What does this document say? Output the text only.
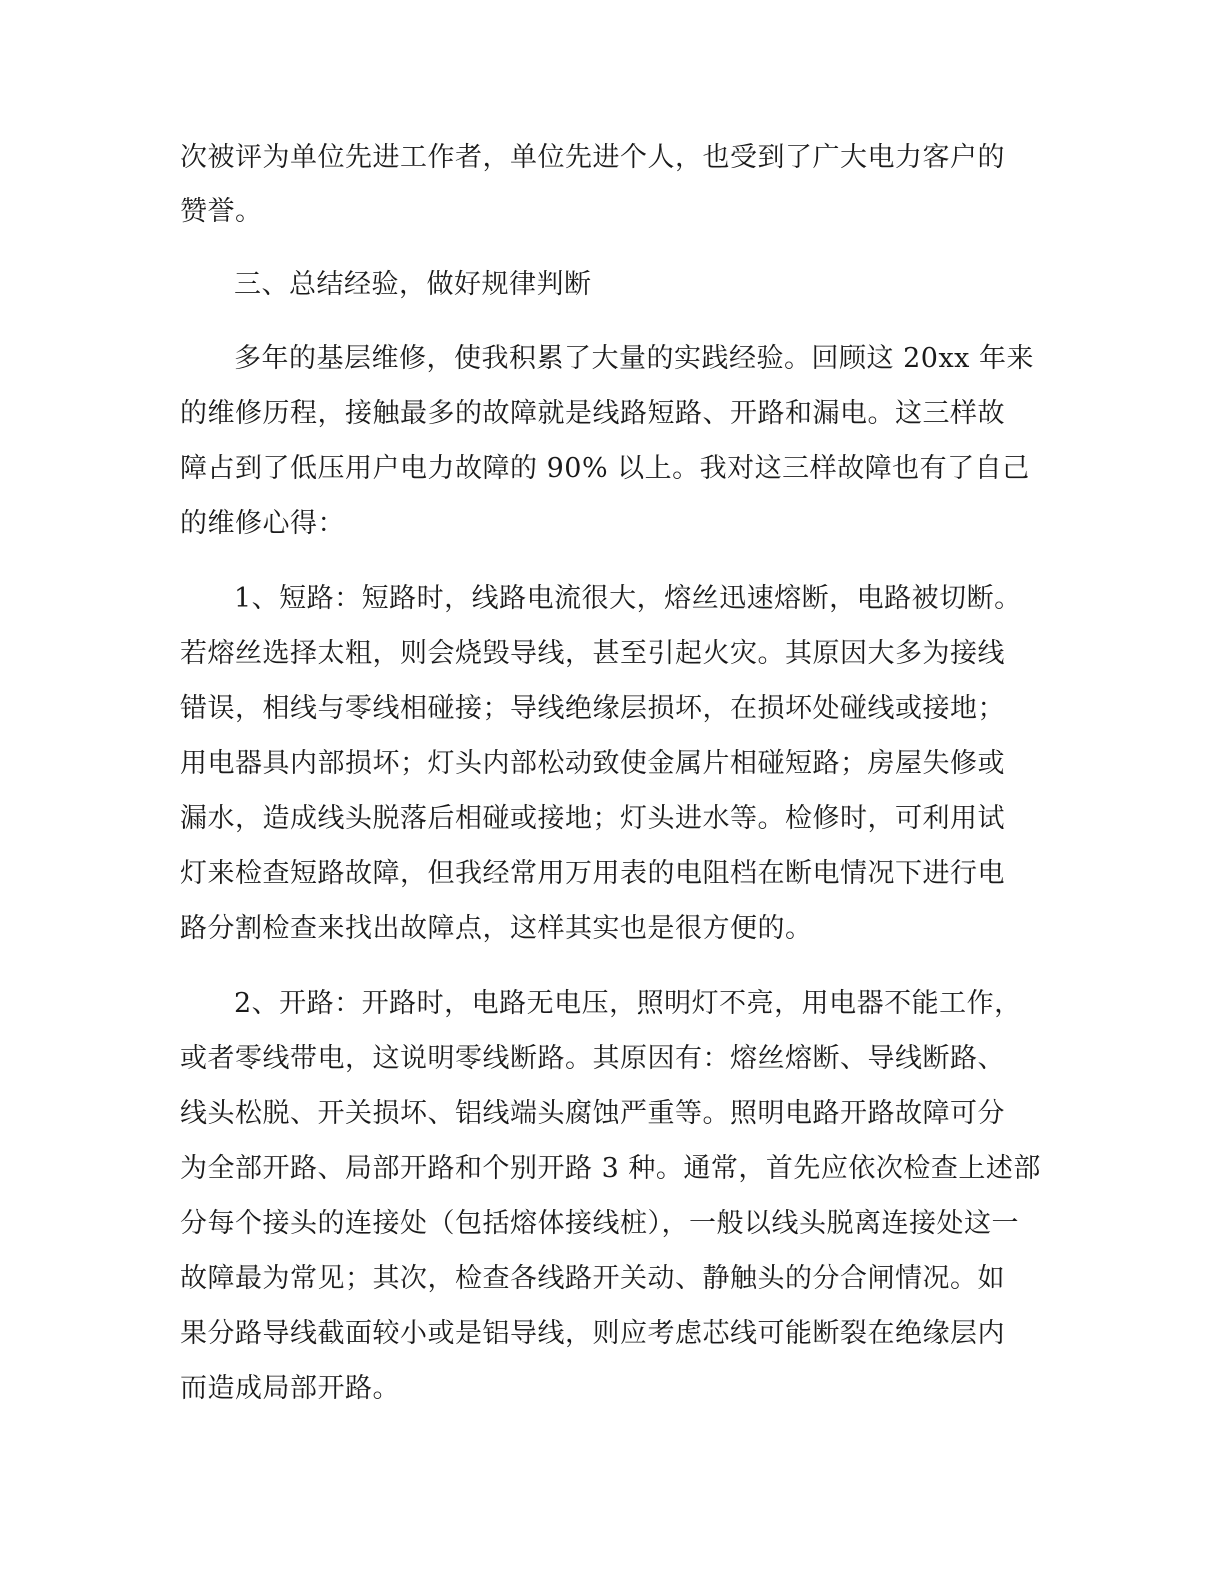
次被评为单位先进工作者，单位先进个人，也受到了广大电力客户的
赞誉。
三、总结经验，做好规律判断
多年的基层维修，使我积累了大量的实践经验。回顾这 20xx 年来
的维修历程，接触最多的故障就是线路短路、开路和漏电。这三样故
障占到了低压用户电力故障的 90% 以上。我对这三样故障也有了自己
的维修心得：
1、短路：短路时，线路电流很大，熔丝迅速熔断，电路被切断。
若熔丝选择太粗，则会烧毁导线，甚至引起火灾。其原因大多为接线
错误，相线与零线相碰接；导线绝缘层损坏，在损坏处碰线或接地；
用电器具内部损坏；灯头内部松动致使金属片相碰短路；房屋失修或
漏水，造成线头脱落后相碰或接地；灯头进水等。检修时，可利用试
灯来检查短路故障，但我经常用万用表的电阻档在断电情况下进行电
路分割检查来找出故障点，这样其实也是很方便的。
2、开路：开路时，电路无电压，照明灯不亮，用电器不能工作，
或者零线带电，这说明零线断路。其原因有：熔丝熔断、导线断路、
线头松脱、开关损坏、铝线端头腐蚀严重等。照明电路开路故障可分
为全部开路、局部开路和个别开路 3 种。通常，首先应依次检查上述部
分每个接头的连接处（包括熔体接线桩），一般以线头脱离连接处这一
故障最为常见；其次，检查各线路开关动、静触头的分合闸情况。如
果分路导线截面较小或是铝导线，则应考虑芯线可能断裂在绝缘层内
而造成局部开路。
